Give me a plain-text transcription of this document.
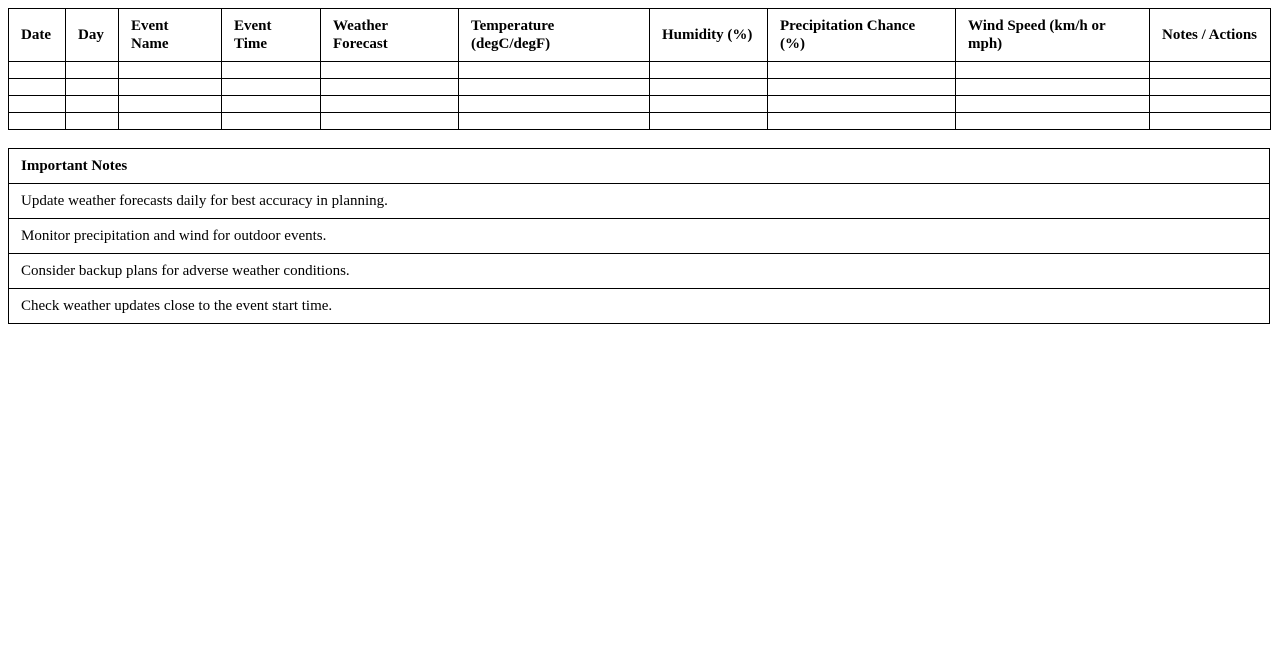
Date	Day	Event Name	Event Time	Weather Forecast	Temperature (degC/degF)	Humidity (%)	Precipitation Chance (%)	Wind Speed (km/h or mph)	Notes / Actions

Important Notes
Update weather forecasts daily for best accuracy in planning.
Monitor precipitation and wind for outdoor events.
Consider backup plans for adverse weather conditions.
Check weather updates close to the event start time.
